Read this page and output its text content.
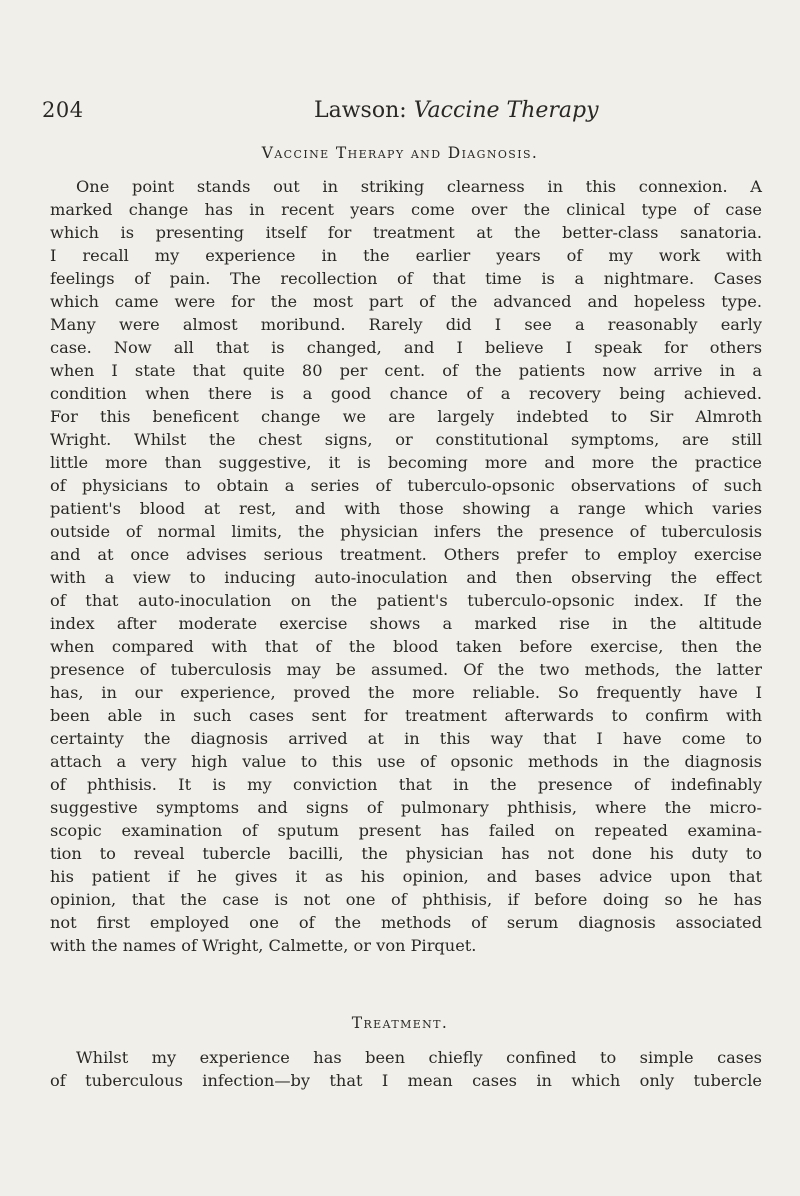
204	Lawson: Vaccine Therapy
Vaccine Therapy and Diagnosis.
One point stands out in striking clearness in this connexion. A
marked change has in recent years come over the clinical type of case
which is presenting itself for treatment at the better-class sanatoria.
I recall my experience in the earlier years of my work with
feelings of pain. The recollection of that time is a nightmare. Cases
which came were for the most part of the advanced and hopeless type.
Many were almost moribund. Rarely did I see a reasonably early
case. Now all that is changed, and I believe I speak for others
when I state that quite 80 per cent. of the patients now arrive in a
condition when there is a good chance of a recovery being achieved.
For this beneficent change we are largely indebted to Sir Almroth
Wright. Whilst the chest signs, or constitutional symptoms, are still
little more than suggestive, it is becoming more and more the practice
of physicians to obtain a series of tuberculo-opsonic observations of such
patient's blood at rest, and with those showing a range which varies
outside of normal limits, the physician infers the presence of tuberculosis
and at once advises serious treatment. Others prefer to employ exercise
with a view to inducing auto-inoculation and then observing the effect
of that auto-inoculation on the patient's tuberculo-opsonic index. If the
index after moderate exercise shows a marked rise in the altitude
when compared with that of the blood taken before exercise, then the
presence of tuberculosis may be assumed. Of the two methods, the latter
has, in our experience, proved the more reliable. So frequently have I
been able in such cases sent for treatment afterwards to confirm with
certainty the diagnosis arrived at in this way that I have come to
attach a very high value to this use of opsonic methods in the diagnosis
of phthisis. It is my conviction that in the presence of indefinably
suggestive symptoms and signs of pulmonary phthisis, where the micro-
scopic examination of sputum present has failed on repeated examina-
tion to reveal tubercle bacilli, the physician has not done his duty to
his patient if he gives it as his opinion, and bases advice upon that
opinion, that the case is not one of phthisis, if before doing so he has
not first employed one of the methods of serum diagnosis associated
with the names of Wright, Calmette, or von Pirquet.
Treatment.
Whilst my experience has been chiefly confined to simple cases
of tuberculous infection—by that I mean cases in which only tubercle
